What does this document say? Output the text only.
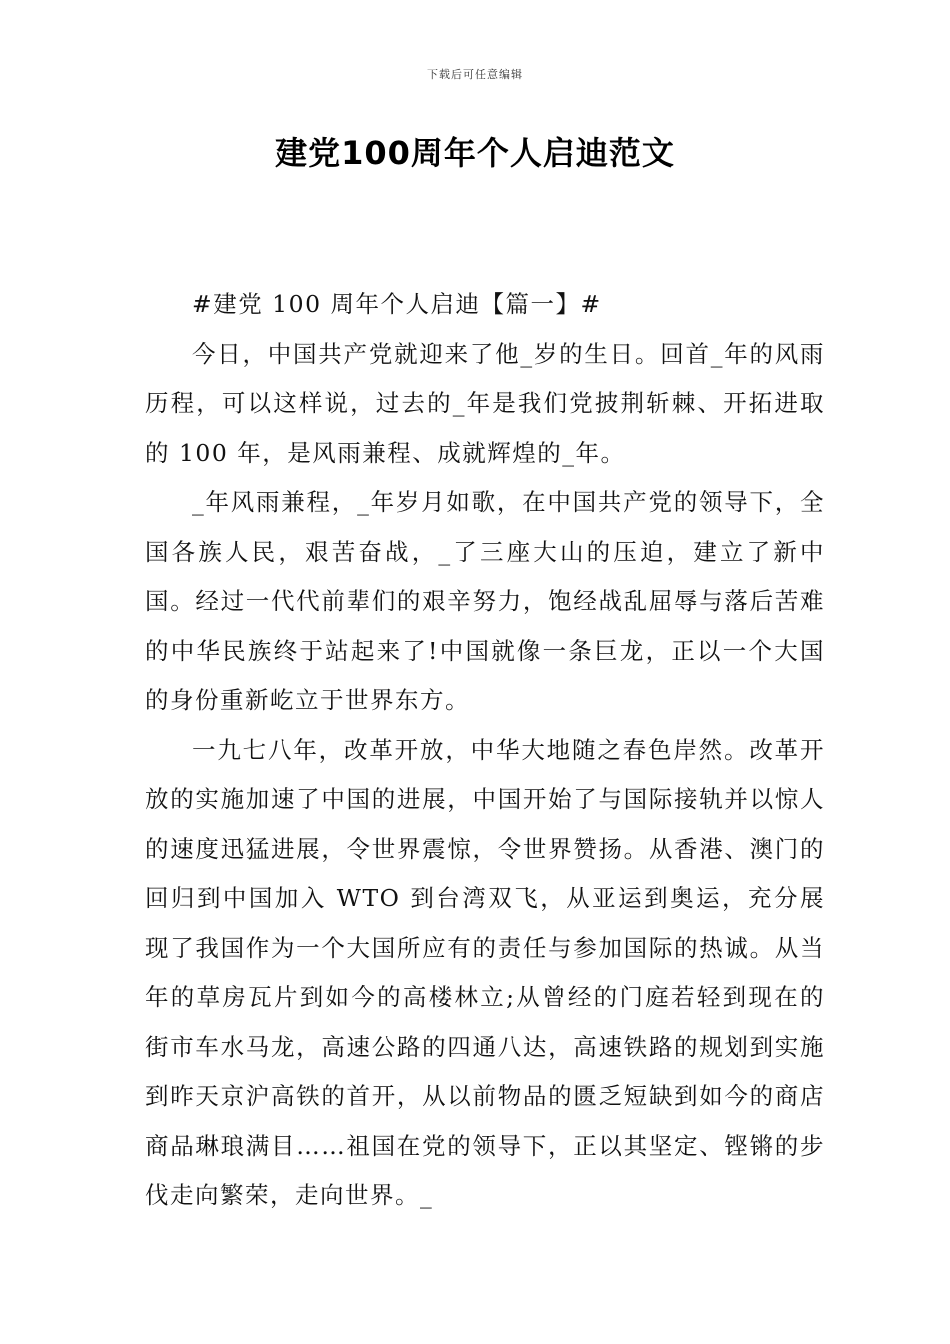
下载后可任意编辑
建党100周年个人启迪范文

#建党 100 周年个人启迪【篇一】#

今日，中国共产党就迎来了他_岁的生日。回首_年的风雨历程，可以这样说，过去的_年是我们党披荆斩棘、开拓进取的 100 年，是风雨兼程、成就辉煌的_年。

_年风雨兼程，_年岁月如歌，在中国共产党的领导下，全国各族人民，艰苦奋战，_了三座大山的压迫，建立了新中国。经过一代代前辈们的艰辛努力，饱经战乱屈辱与落后苦难的中华民族终于站起来了!中国就像一条巨龙，正以一个大国的身份重新屹立于世界东方。

一九七八年，改革开放，中华大地随之春色岸然。改革开放的实施加速了中国的进展，中国开始了与国际接轨并以惊人的速度迅猛进展，令世界震惊，令世界赞扬。从香港、澳门的回归到中国加入 WTO 到台湾双飞，从亚运到奥运，充分展现了我国作为一个大国所应有的责任与参加国际的热诚。从当年的草房瓦片到如今的高楼林立;从曾经的门庭若轻到现在的街市车水马龙，高速公路的四通八达，高速铁路的规划到实施到昨天京沪高铁的首开，从以前物品的匮乏短缺到如今的商店商品琳琅满目……祖国在党的领导下，正以其坚定、铿锵的步伐走向繁荣，走向世界。_
